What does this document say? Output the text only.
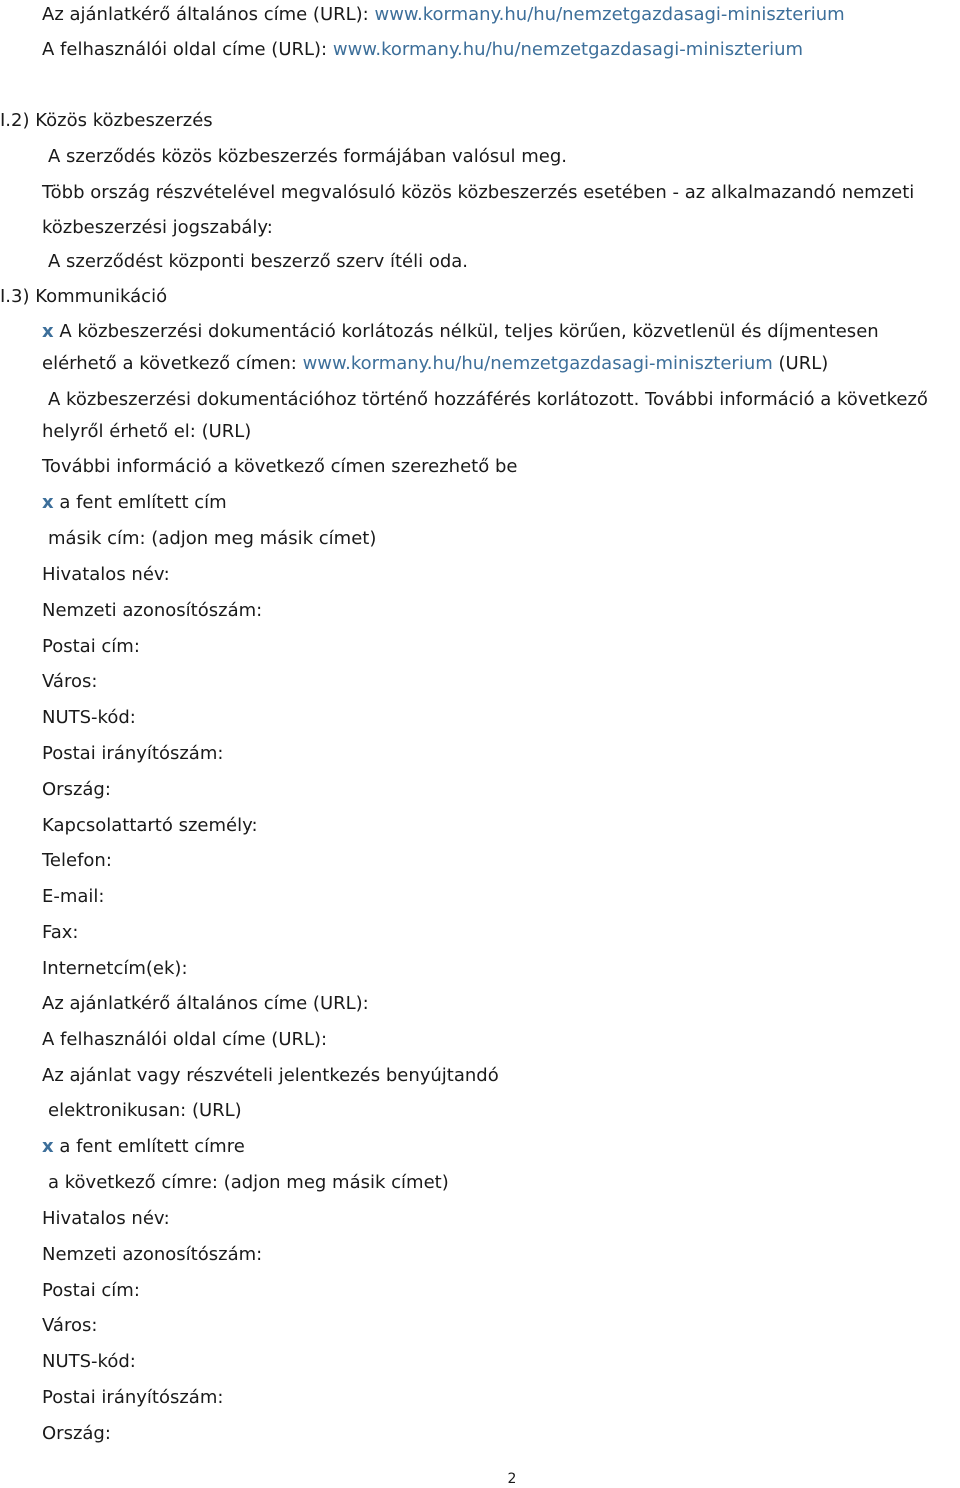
Az ajánlatkérő általános címe (URL): www.kormany.hu/hu/nemzetgazdasagi-miniszterium
A felhasználói oldal címe (URL): www.kormany.hu/hu/nemzetgazdasagi-miniszterium
I.2) Közös közbeszerzés
A szerződés közös közbeszerzés formájában valósul meg.
Több ország részvételével megvalósuló közös közbeszerzés esetében - az alkalmazandó nemzeti
közbeszerzési jogszabály:
A szerződést központi beszerző szerv ítéli oda.
I.3) Kommunikáció
x A közbeszerzési dokumentáció korlátozás nélkül, teljes körűen, közvetlenül és díjmentesen
elérhető a következő címen: www.kormany.hu/hu/nemzetgazdasagi-miniszterium (URL)
A közbeszerzési dokumentációhoz történő hozzáférés korlátozott. További információ a következő
helyről érhető el: (URL)
További információ a következő címen szerezhető be
x a fent említett cím
másik cím: (adjon meg másik címet)
Hivatalos név:
Nemzeti azonosítószám:
Postai cím:
Város:
NUTS-kód:
Postai irányítószám:
Ország:
Kapcsolattartó személy:
Telefon:
E-mail:
Fax:
Internetcím(ek):
Az ajánlatkérő általános címe (URL):
A felhasználói oldal címe (URL):
Az ajánlat vagy részvételi jelentkezés benyújtandó
elektronikusan: (URL)
x a fent említett címre
a következő címre: (adjon meg másik címet)
Hivatalos név:
Nemzeti azonosítószám:
Postai cím:
Város:
NUTS-kód:
Postai irányítószám:
Ország:
2
